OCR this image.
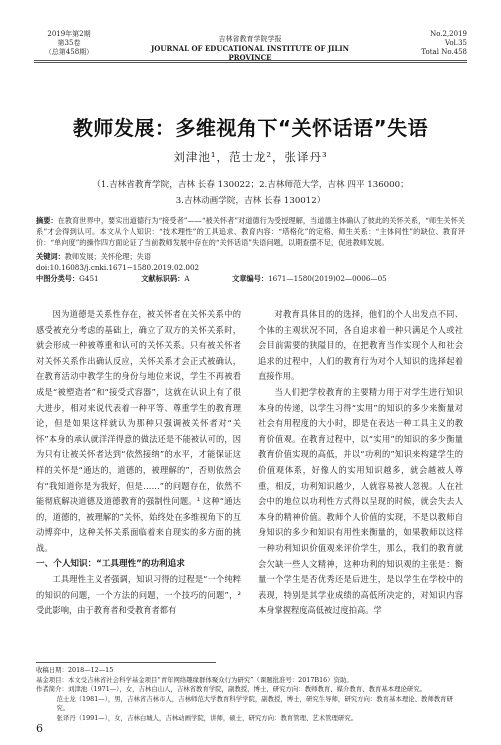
2019年第2期
第35卷
（总第458期）
吉林省教育学院学报
JOURNAL OF EDUCATIONAL INSTITUTE OF JILIN PROVINCE
No.2,2019
Vol.35
Total No.458
教师发展：多维视角下“关怀话语”失语
刘津池¹，范士龙²，张译丹³
（1.吉林省教育学院，吉林 长春 130022；2.吉林师范大学，吉林 四平 136000；
3.吉林动画学院，吉林 长春 130012）
摘要：在教育世界中，要实出道德行为“接受者”——“被关怀者”对道德行为受授理解，当道德主体确认了彼此的关怀关系，“师生关怀关系”才会得到认可。本文从个人知识：“技术理性”的工具追求、教育内容：“塔格化”的定格、师生关系：“主体间性”的缺位、教育评价：“单向度”的操作四方面论证了当前教师发展中存在的“关怀话语”失语问题，以期查摆不足，促进教师发展。
关键词：教师发展；关怀伦理；失语
doi:10.16083/j.cnki.1671−1580.2019.02.002
中图分类号：G451	文献标识码：A	文章编号：1671—1580(2019)02—0006—05

因为道德是关系性存在，被关怀者在关怀关系中的感受被充分考虑的基础上，确立了双方的关怀关系时，就会形成一种被尊重和认可的关怀关系。只有被关怀者对关怀关系作出确认反应，关怀关系才会正式被确认，在教育活动中教学生的身份与地位来说，学生不再被看成是“被塑造者”和“接受式容器”，这就在认识上有了很大进步，相对来说代表着一种平等、尊重学生的教育理论，但是如果这样就认为那种只强调被关怀者对“关怀”本身的承认就洋洋得意的做法还是不能被认可的，因为只有让被关怀者达到“依然接纳”的水平，才能保证这样的关怀是“通达的，道德的，被理解的”，否则依然会有“我知道你是为我好，但是……”的问题存在，依然不能彻底解决道德及道德教育的强制性问题。¹ 这种“通达的，道德的，被理解的”关怀，始终处在多维视角下的互动博弈中，这种关怀关系面临着来自现实的多方面的挑战。

一、个人知识：“工具理性”的功利追求

工具理性主义者强调，知识习得的过程是“一个纯粹的知识的问题，一个方法的问题，一个技巧的问题”，² 受此影响，由于教育者和受教育者都有

对教育具体目的的选择，他们的个人出发点不同、个体的主观状况不同，各自追求着一种只满足个人或社会目前需要的狭隘目的，在把教育当作实现个人和社会追求的过程中，人们的教育行为对个人知识的选择起着直接作用。

当人们把学校教育的主要精力用于对学生进行知识本身的传递，以学生习得“实用”的知识的多少来衡量对社会有用程度的大小时，即是在表达一种工具主义的教育价值观。在教育过程中，以“实用”的知识的多少衡量教育价值实现的高低，并以“功利的”知识来构建学生的价值观体系，好像人的实用知识越多，就会越被人尊重，相反，功利知识越少，人就容易被人忽视。人在社会中的地位以功利性方式得以呈现的时候，就会失去人本身的精神价值。教师个人价值的实现，不是以教师自身知识的多少和知识有用性来衡量的，如果教师以这样一种功利知识价值观来评价学生，那么，我们的教育就会欠缺一些人文精神，这种功利的知识观的主张是：衡量一个学生是否优秀还是后进生，是以学生在学校中的表现，特别是其学业成绩的高低所决定的，对知识内容本身掌握程度高低被过度拍高。学

收稿日期：2018—12—15
基金项目：本文受吉林省社会科学基金项目“青年网络趣缘群体聚众行为研究”（课题批准号：2017B16）资助。
作者简介：刘津池（1971—），女，吉林白山人，吉林省教育学院，副教授，博士，研究方向：教师教育、媒介教育、教育基本理论研究。
范士龙（1981—），男，吉林省吉林市人，吉林师范大学教育科学学院，副教授，博士，研究生导师，研究方向：教育基本理论、教师教育研究。
张译丹（1991—），女，吉林白城人，吉林动画学院，讲师，硕士，研究方向：教育管理、艺术管理研究。
6
